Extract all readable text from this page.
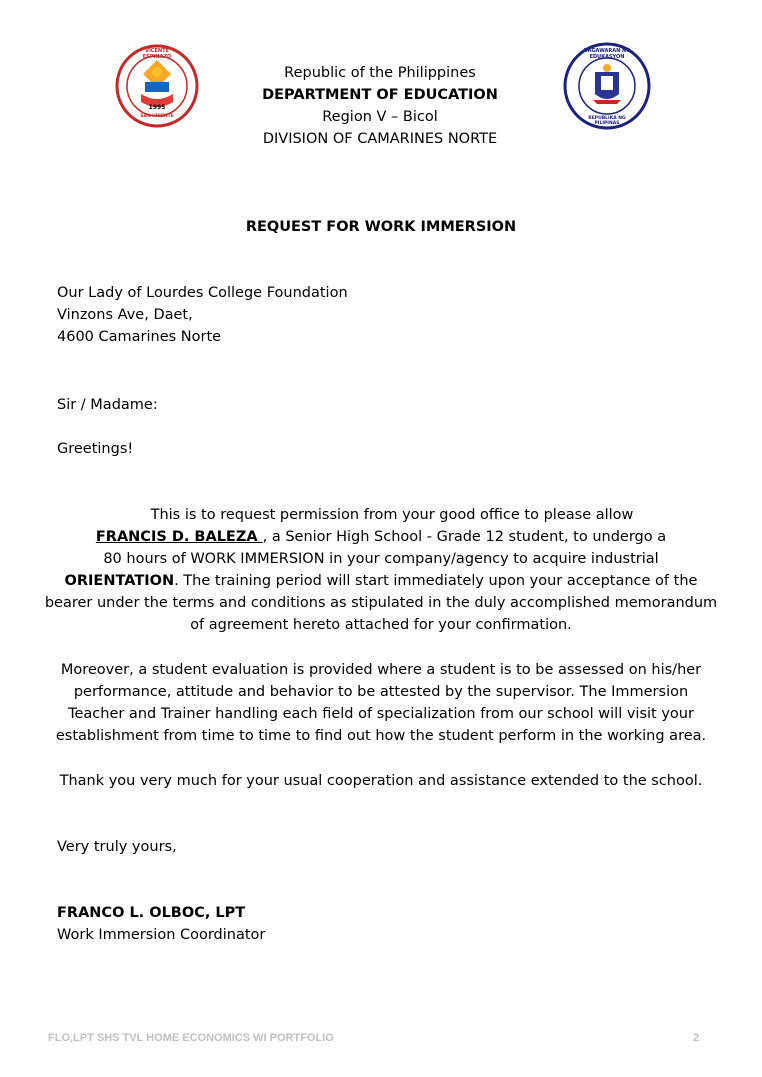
VICENTE ESPINAZO
1995
SAN VICENTE
KAGAWARAN NG EDUKASYON
REPUBLIKA NG PILIPINAS
Republic of the Philippines
DEPARTMENT OF EDUCATION
Region V – Bicol
DIVISION OF CAMARINES NORTE
REQUEST FOR WORK IMMERSION
Our Lady of Lourdes College Foundation
Vinzons Ave, Daet,
4600 Camarines Norte
Sir / Madame:
Greetings!
This is to request permission from your good office to please allow
FRANCIS D. BALEZA , a Senior High School - Grade 12 student, to undergo a
80 hours of WORK IMMERSION in your company/agency to acquire industrial
ORIENTATION. The training period will start immediately upon your acceptance of the
bearer under the terms and conditions as stipulated in the duly accomplished memorandum
of agreement hereto attached for your confirmation.
Moreover, a student evaluation is provided where a student is to be assessed on his/her
performance, attitude and behavior to be attested by the supervisor. The Immersion
Teacher and Trainer handling each field of specialization from our school will visit your
establishment from time to time to find out how the student perform in the working area.
Thank you very much for your usual cooperation and assistance extended to the school.
Very truly yours,
FRANCO L. OLBOC, LPT
Work Immersion Coordinator
FLO,LPT SHS TVL HOME ECONOMICS WI PORTFOLIO	2
